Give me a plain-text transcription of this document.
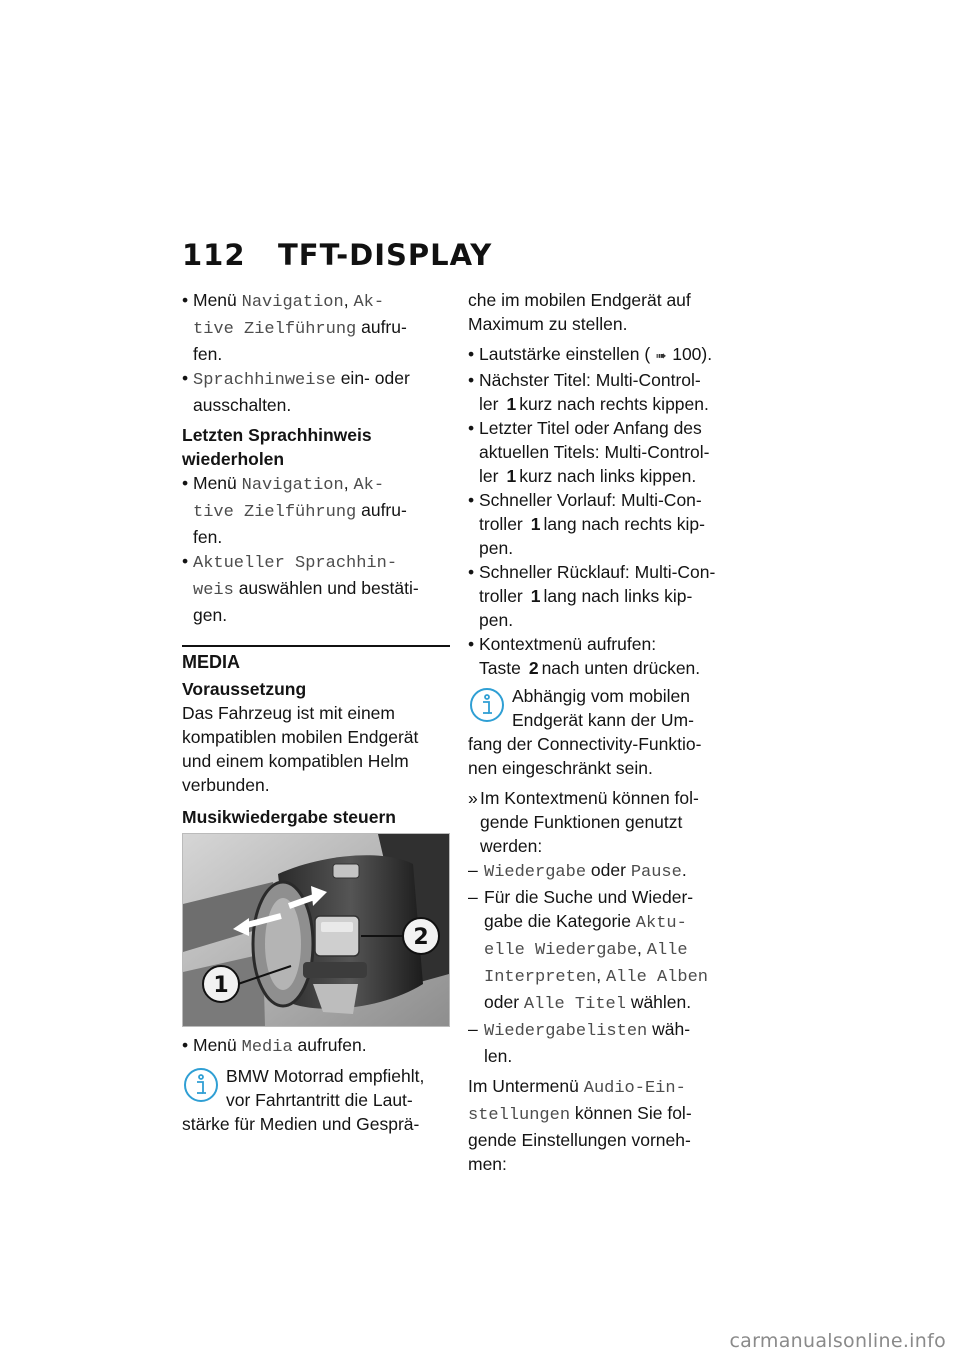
112 TFT-DISPLAY
• Menü Navigation, Ak-
tive Zielführung aufru-
fen.
• Sprachhinweise ein- oder
ausschalten.
Letzten Sprachhinweis
wiederholen
• Menü Navigation, Ak-
tive Zielführung aufru-
fen.
• Aktueller Sprachhin-
weis auswählen und bestäti-
gen.
MEDIA
Voraussetzung
Das Fahrzeug ist mit einem
kompatiblen mobilen Endgerät
und einem kompatiblen Helm
verbunden.
Musikwiedergabe steuern
1
2
• Menü Media aufrufen.
BMW Motorrad empfiehlt,
vor Fahrtantritt die Laut-
stärke für Medien und Gesprä-
che im mobilen Endgerät auf
Maximum zu stellen.
• Lautstärke einstellen ( ➠ 100).
• Nächster Titel: Multi-Control-
ler 1 kurz nach rechts kippen.
• Letzter Titel oder Anfang des
aktuellen Titels: Multi-Control-
ler 1 kurz nach links kippen.
• Schneller Vorlauf: Multi-Con-
troller 1 lang nach rechts kip-
pen.
• Schneller Rücklauf: Multi-Con-
troller 1 lang nach links kip-
pen.
• Kontextmenü aufrufen:
Taste 2 nach unten drücken.
Abhängig vom mobilen
Endgerät kann der Um-
fang der Connectivity-Funktio-
nen eingeschränkt sein.
» Im Kontextmenü können fol-
gende Funktionen genutzt
werden:
– Wiedergabe oder Pause.
– Für die Suche und Wieder-
gabe die Kategorie Aktu-
elle Wiedergabe, Alle
Interpreten, Alle Alben
oder Alle Titel wählen.
– Wiedergabelisten wäh-
len.
Im Untermenü Audio-Ein-
stellungen können Sie fol-
gende Einstellungen vorneh-
men:
carmanualsonline.info
